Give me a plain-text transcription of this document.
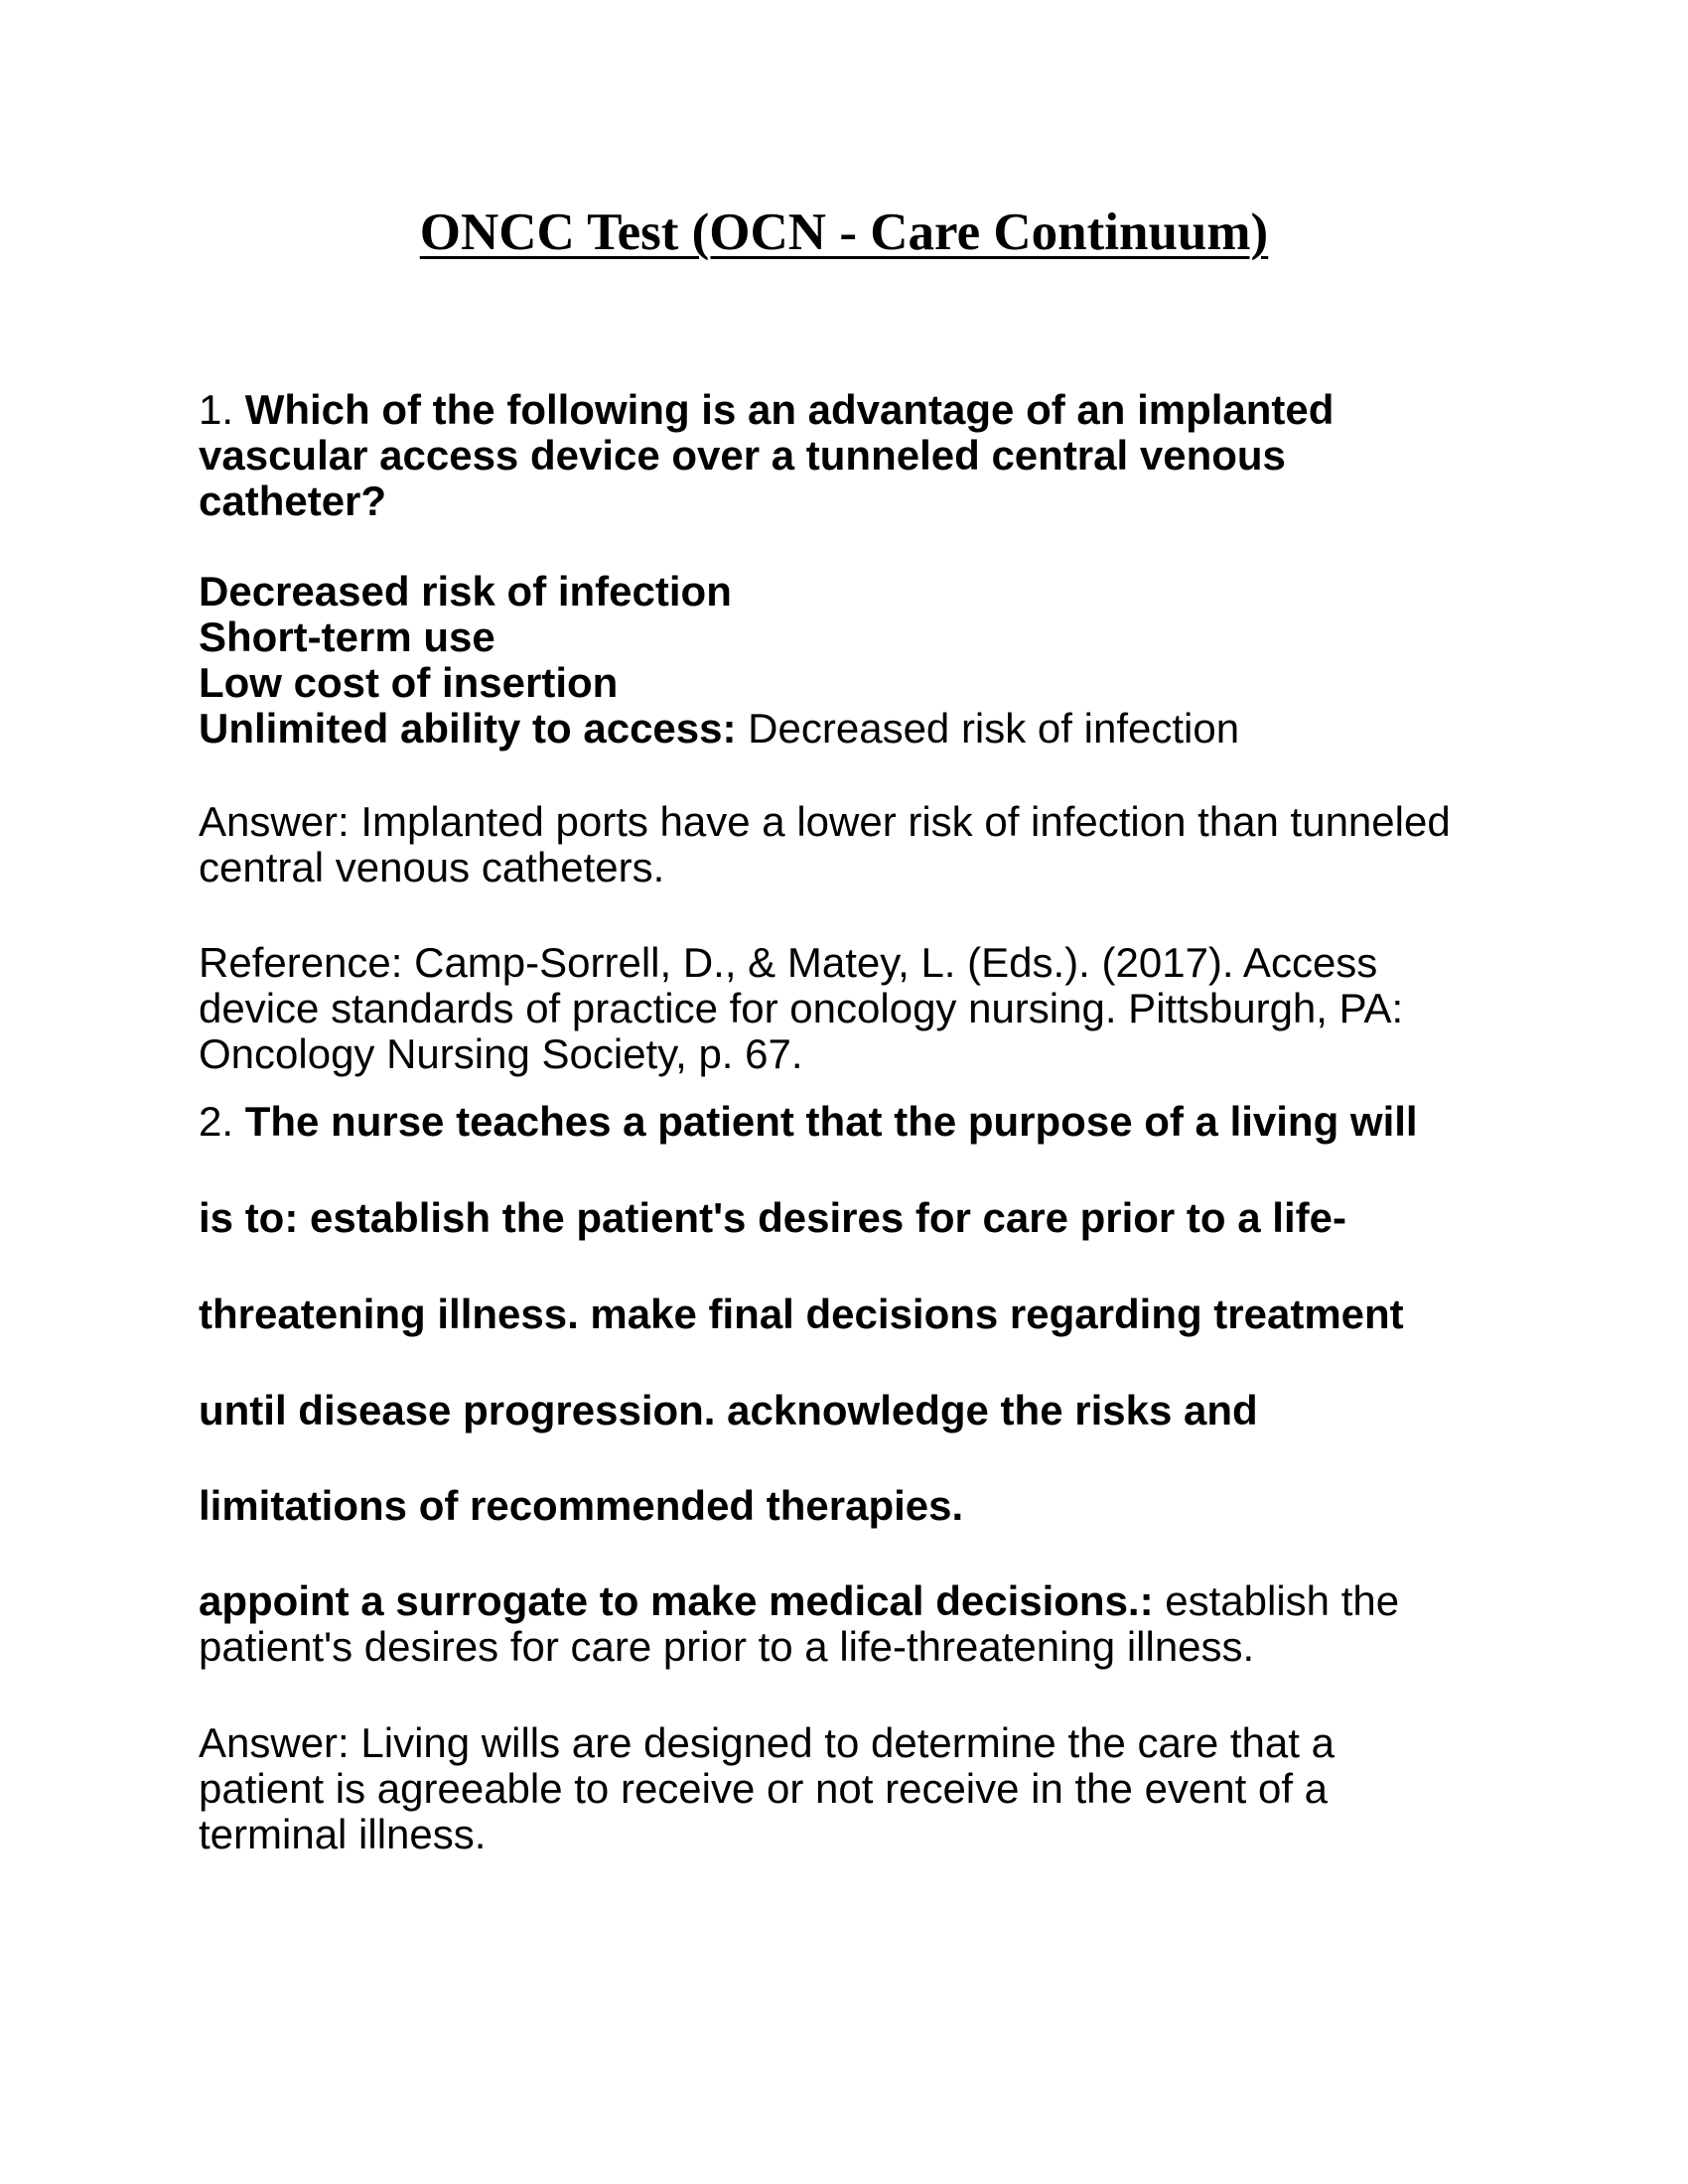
ONCC Test (OCN - Care Continuum)
1. Which of the following is an advantage of an implanted
vascular access device over a tunneled central venous
catheter?
Decreased risk of infection
Short-term use
Low cost of insertion
Unlimited ability to access: Decreased risk of infection
Answer: Implanted ports have a lower risk of infection than tunneled
central venous catheters.
Reference: Camp-Sorrell, D., & Matey, L. (Eds.). (2017). Access
device standards of practice for oncology nursing. Pittsburgh, PA:
Oncology Nursing Society, p. 67.
2. The nurse teaches a patient that the purpose of a living will
is to: establish the patient's desires for care prior to a life-
threatening illness. make final decisions regarding treatment
until disease progression. acknowledge the risks and
limitations of recommended therapies.
appoint a surrogate to make medical decisions.: establish the
patient's desires for care prior to a life-threatening illness.
Answer: Living wills are designed to determine the care that a
patient is agreeable to receive or not receive in the event of a
terminal illness.
